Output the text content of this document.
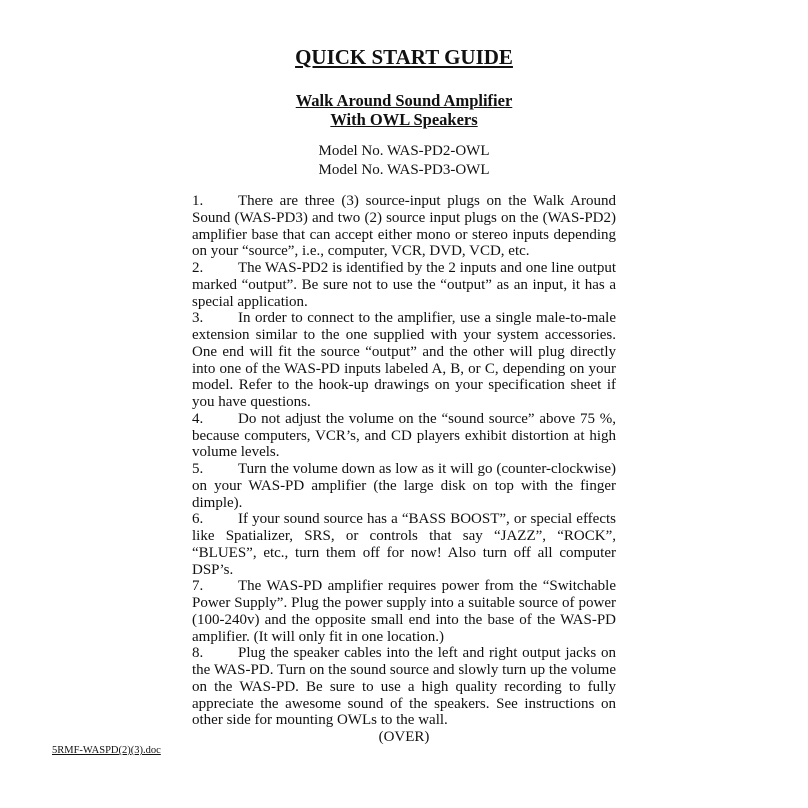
QUICK START GUIDE
Walk Around Sound Amplifier
With OWL Speakers
Model No. WAS-PD2-OWL
Model No. WAS-PD3-OWL

1. There are three (3) source-input plugs on the Walk Around Sound (WAS-PD3) and two (2) source input plugs on the (WAS-PD2) amplifier base that can accept either mono or stereo inputs depending on your “source”, i.e., computer, VCR, DVD, VCD, etc.

2. The WAS-PD2 is identified by the 2 inputs and one line output marked “output”. Be sure not to use the “output” as an input, it has a special application.

3. In order to connect to the amplifier, use a single male-to-male extension similar to the one supplied with your system accessories. One end will fit the source “output” and the other will plug directly into one of the WAS-PD inputs labeled A, B, or C, depending on your model. Refer to the hook-up drawings on your specification sheet if you have questions.

4. Do not adjust the volume on the “sound source” above 75 %, because computers, VCR’s, and CD players exhibit distortion at high volume levels.

5. Turn the volume down as low as it will go (counter-clockwise) on your WAS-PD amplifier (the large disk on top with the finger dimple).

6. If your sound source has a “BASS BOOST”, or special effects like Spatializer, SRS, or controls that say “JAZZ”, “ROCK”, “BLUES”, etc., turn them off for now! Also turn off all computer DSP’s.

7. The WAS-PD amplifier requires power from the “Switchable Power Supply”. Plug the power supply into a suitable source of power (100-240v) and the opposite small end into the base of the WAS-PD amplifier. (It will only fit in one location.)

8. Plug the speaker cables into the left and right output jacks on the WAS-PD. Turn on the sound source and slowly turn up the volume on the WAS-PD. Be sure to use a high quality recording to fully appreciate the awesome sound of the speakers. See instructions on other side for mounting OWLs to the wall.

(OVER)
5RMF-WASPD(2)(3).doc
